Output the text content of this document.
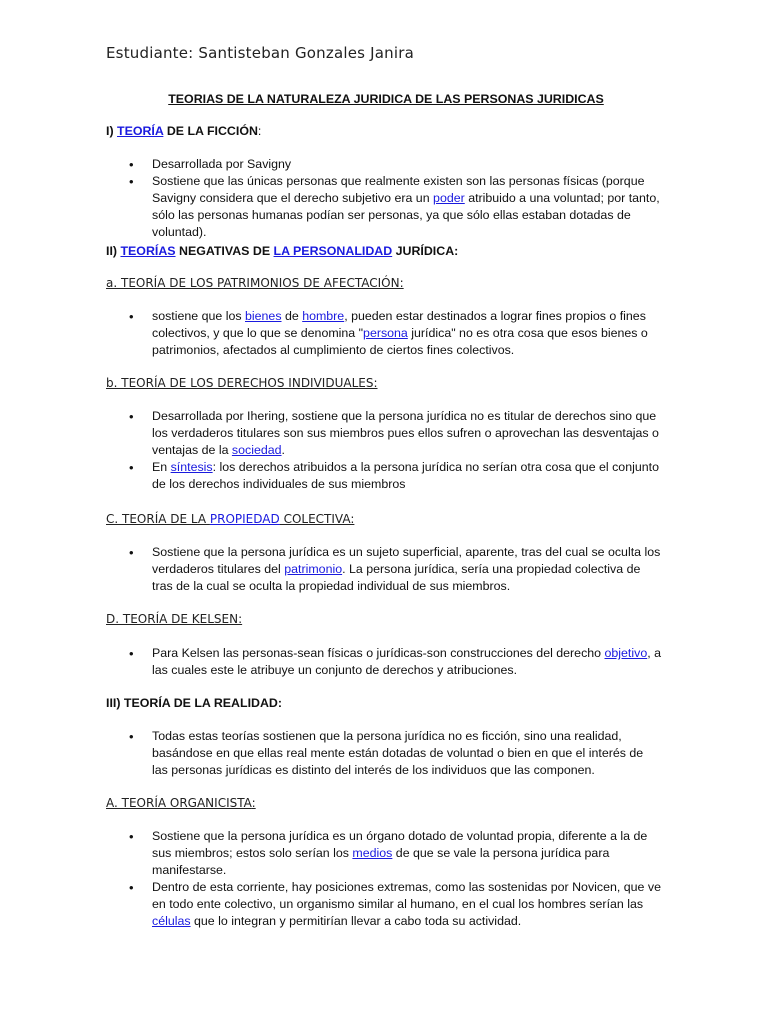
Estudiante: Santisteban Gonzales Janira
TEORIAS DE LA NATURALEZA JURIDICA DE LAS PERSONAS JURIDICAS
I) TEORÍA DE LA FICCIÓN:
• Desarrollada por Savigny
• Sostiene que las únicas personas que realmente existen son las personas físicas (porque Savigny considera que el derecho subjetivo era un poder atribuido a una voluntad; por tanto, sólo las personas humanas podían ser personas, ya que sólo ellas estaban dotadas de voluntad).
II) TEORÍAS NEGATIVAS DE LA PERSONALIDAD JURÍDICA:
a. TEORÍA DE LOS PATRIMONIOS DE AFECTACIÓN:
• sostiene que los bienes de hombre, pueden estar destinados a lograr fines propios o fines colectivos, y que lo que se denomina "persona jurídica" no es otra cosa que esos bienes o patrimonios, afectados al cumplimiento de ciertos fines colectivos.
b. TEORÍA DE LOS DERECHOS INDIVIDUALES:
• Desarrollada por Ihering, sostiene que la persona jurídica no es titular de derechos sino que los verdaderos titulares son sus miembros pues ellos sufren o aprovechan las desventajas o ventajas de la sociedad.
• En síntesis: los derechos atribuidos a la persona jurídica no serían otra cosa que el conjunto de los derechos individuales de sus miembros
C. TEORÍA DE LA PROPIEDAD COLECTIVA:
• Sostiene que la persona jurídica es un sujeto superficial, aparente, tras del cual se oculta los verdaderos titulares del patrimonio. La persona jurídica, sería una propiedad colectiva de tras de la cual se oculta la propiedad individual de sus miembros.
D. TEORÍA DE KELSEN:
• Para Kelsen las personas-sean físicas o jurídicas-son construcciones del derecho objetivo, a las cuales este le atribuye un conjunto de derechos y atribuciones.
III) TEORÍA DE LA REALIDAD:
• Todas estas teorías sostienen que la persona jurídica no es ficción, sino una realidad, basándose en que ellas real mente están dotadas de voluntad o bien en que el interés de las personas jurídicas es distinto del interés de los individuos que las componen.
A. TEORÍA ORGANICISTA:
• Sostiene que la persona jurídica es un órgano dotado de voluntad propia, diferente a la de sus miembros; estos solo serían los medios de que se vale la persona jurídica para manifestarse.
• Dentro de esta corriente, hay posiciones extremas, como las sostenidas por Novicen, que ve en todo ente colectivo, un organismo similar al humano, en el cual los hombres serían las células que lo integran y permitirían llevar a cabo toda su actividad.
